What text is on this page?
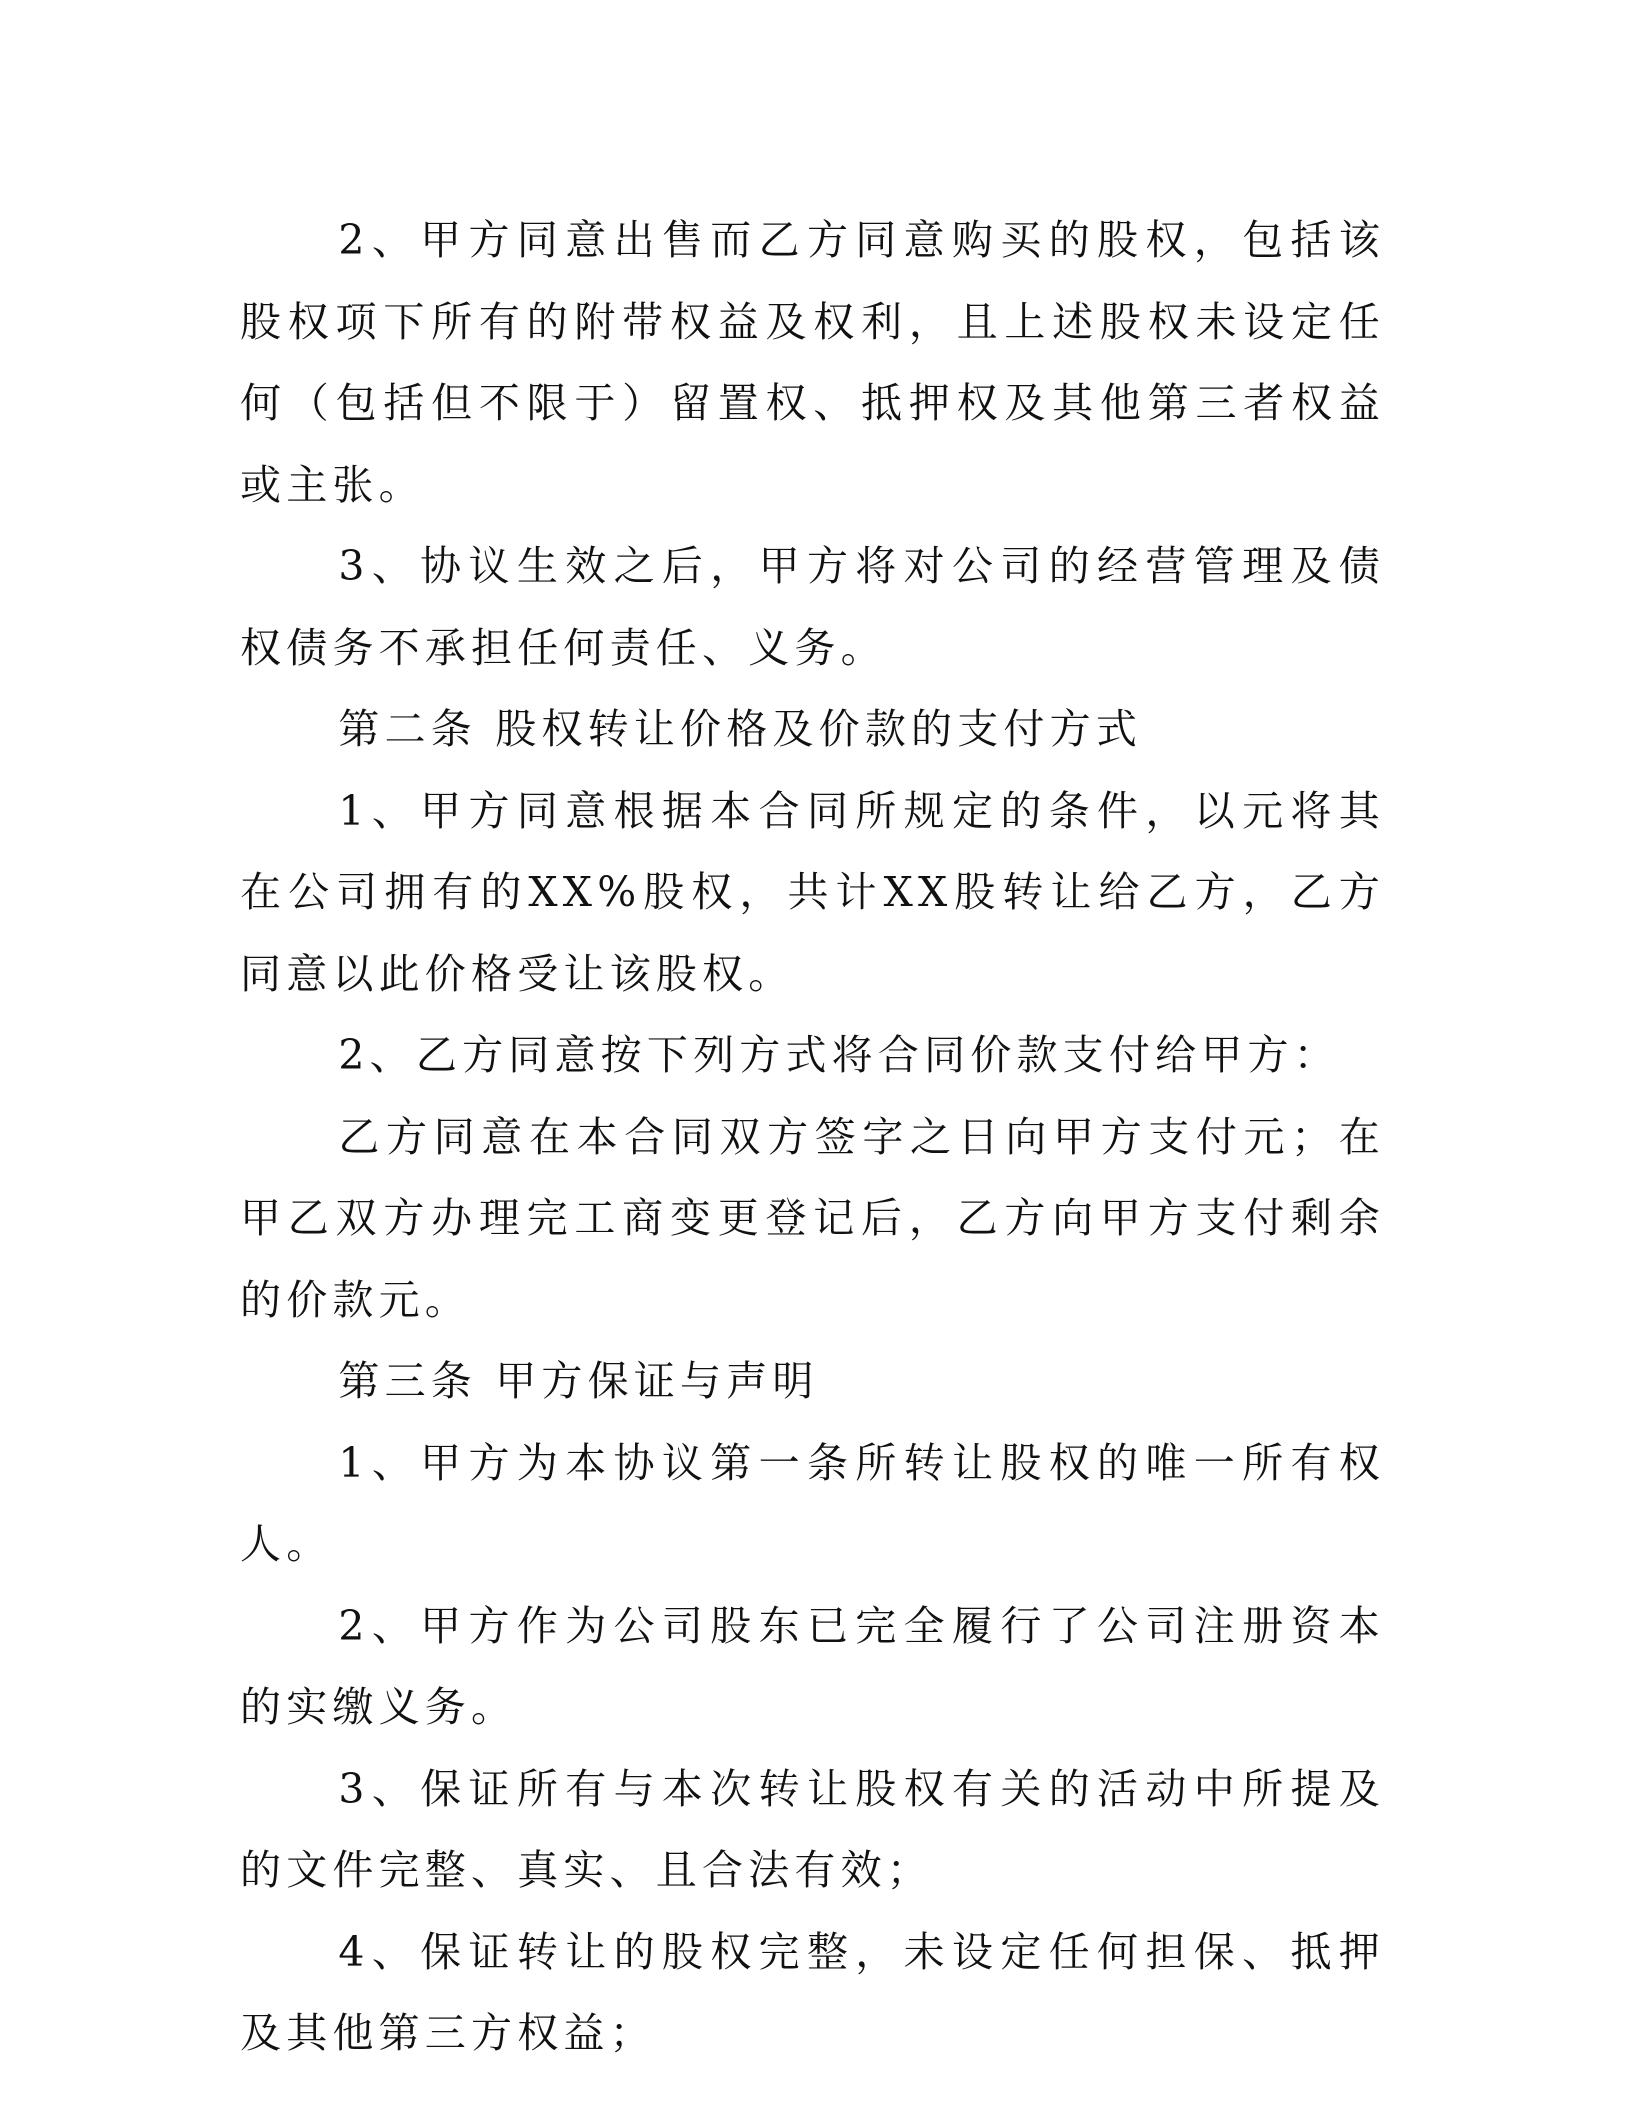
2、甲方同意出售而乙方同意购买的股权，包括该股权项下所有的附带权益及权利，且上述股权未设定任何（包括但不限于）留置权、抵押权及其他第三者权益或主张。

3、协议生效之后，甲方将对公司的经营管理及债权债务不承担任何责任、义务。

第二条 股权转让价格及价款的支付方式

1、甲方同意根据本合同所规定的条件，以元将其在公司拥有的XX%股权，共计XX股转让给乙方，乙方同意以此价格受让该股权。

2、乙方同意按下列方式将合同价款支付给甲方：

乙方同意在本合同双方签字之日向甲方支付元；在甲乙双方办理完工商变更登记后，乙方向甲方支付剩余的价款元。

第三条 甲方保证与声明

1、甲方为本协议第一条所转让股权的唯一所有权人。

2、甲方作为公司股东已完全履行了公司注册资本的实缴义务。

3、保证所有与本次转让股权有关的活动中所提及的文件完整、真实、且合法有效；

4、保证转让的股权完整，未设定任何担保、抵押及其他第三方权益；
